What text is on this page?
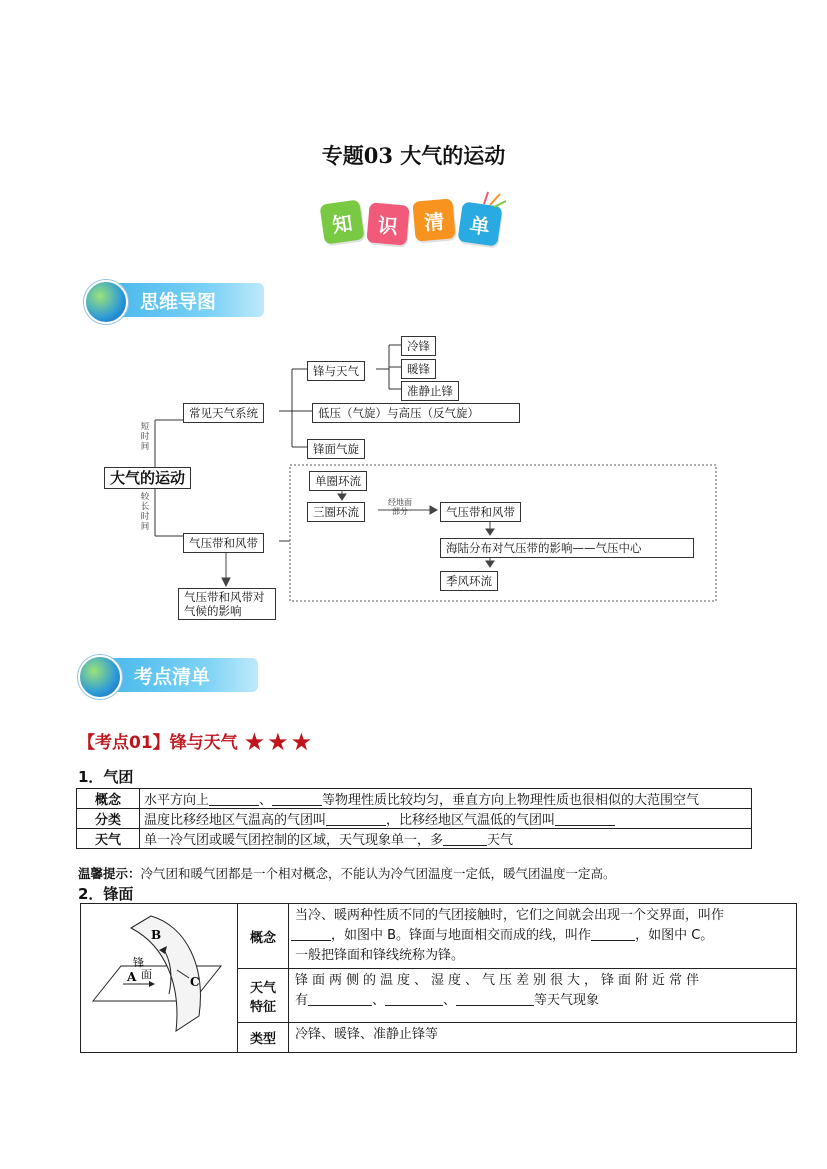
专题03 大气的运动
知	识	清	单
思维导图
大气的运动
短时间
较长时间
常见天气系统
锋与天气
冷锋
暖锋
准静止锋
低压（气旋）与高压（反气旋）
锋面气旋
气压带和风带
气压带和风带对气候的影响
单圈环流
三圈环流
经地面部分	气压带和风带
海陆分布对气压带的影响——气压中心
季风环流
考点清单
【考点01】锋与天气 ★★★
1．气团
概念	水平方向上 、 等物理性质比较均匀，垂直方向上物理性质也很相似的大范围空气
分类	温度比移经地区气温高的气团叫 ，比移经地区气温低的气团叫
天气	单一冷气团或暖气团控制的区域，天气现象单一，多 天气
温馨提示：冷气团和暖气团都是一个相对概念，不能认为冷气团温度一定低，暖气团温度一定高。
2．锋面
B
A C
锋
面	概念	当冷、暖两种性质不同的气团接触时，它们之间就会出现一个交界面，叫作
，如图中 B。锋面与地面相交而成的线，叫作 ，如图中 C。
一般把锋面和锋线统称为锋。
	天气
特征	锋面两侧的温度、湿度、气压差别很大，锋面附近常伴
有 、 、 等天气现象
	类型	冷锋、暖锋、准静止锋等
